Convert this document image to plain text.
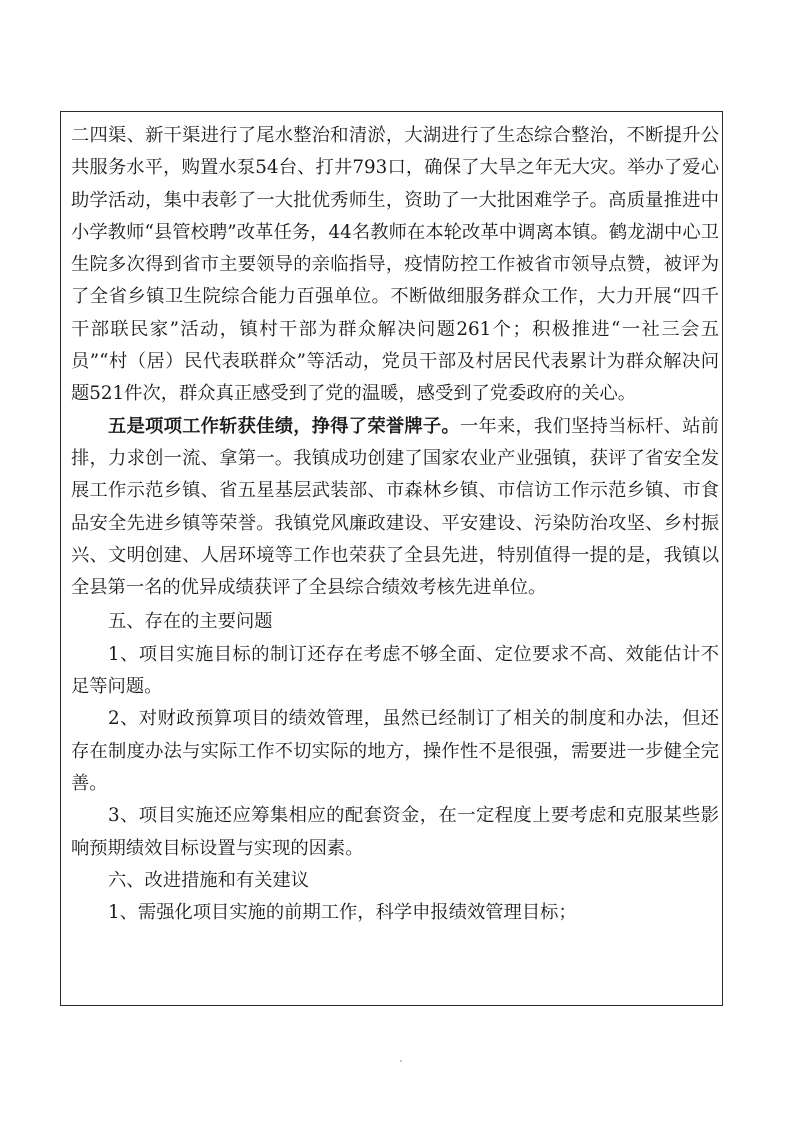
二四渠、新干渠进行了尾水整治和清淤，大湖进行了生态综合整治，不断提升公共服务水平，购置水泵54台、打井793口，确保了大旱之年无大灾。举办了爱心助学活动，集中表彰了一大批优秀师生，资助了一大批困难学子。高质量推进中小学教师“县管校聘”改革任务，44名教师在本轮改革中调离本镇。鹤龙湖中心卫生院多次得到省市主要领导的亲临指导，疫情防控工作被省市领导点赞，被评为了全省乡镇卫生院综合能力百强单位。不断做细服务群众工作，大力开展“四千干部联民家”活动，镇村干部为群众解决问题261个；积极推进“一社三会五员”“村（居）民代表联群众”等活动，党员干部及村居民代表累计为群众解决问题521件次，群众真正感受到了党的温暖，感受到了党委政府的关心。

五是项项工作斩获佳绩，挣得了荣誉牌子。一年来，我们坚持当标杆、站前排，力求创一流、拿第一。我镇成功创建了国家农业产业强镇，获评了省安全发展工作示范乡镇、省五星基层武装部、市森林乡镇、市信访工作示范乡镇、市食品安全先进乡镇等荣誉。我镇党风廉政建设、平安建设、污染防治攻坚、乡村振兴、文明创建、人居环境等工作也荣获了全县先进，特别值得一提的是，我镇以全县第一名的优异成绩获评了全县综合绩效考核先进单位。

五、存在的主要问题

1、项目实施目标的制订还存在考虑不够全面、定位要求不高、效能估计不足等问题。

2、对财政预算项目的绩效管理，虽然已经制订了相关的制度和办法，但还存在制度办法与实际工作不切实际的地方，操作性不是很强，需要进一步健全完善。

3、项目实施还应筹集相应的配套资金，在一定程度上要考虑和克服某些影响预期绩效目标设置与实现的因素。

六、改进措施和有关建议

1、需强化项目实施的前期工作，科学申报绩效管理目标；
